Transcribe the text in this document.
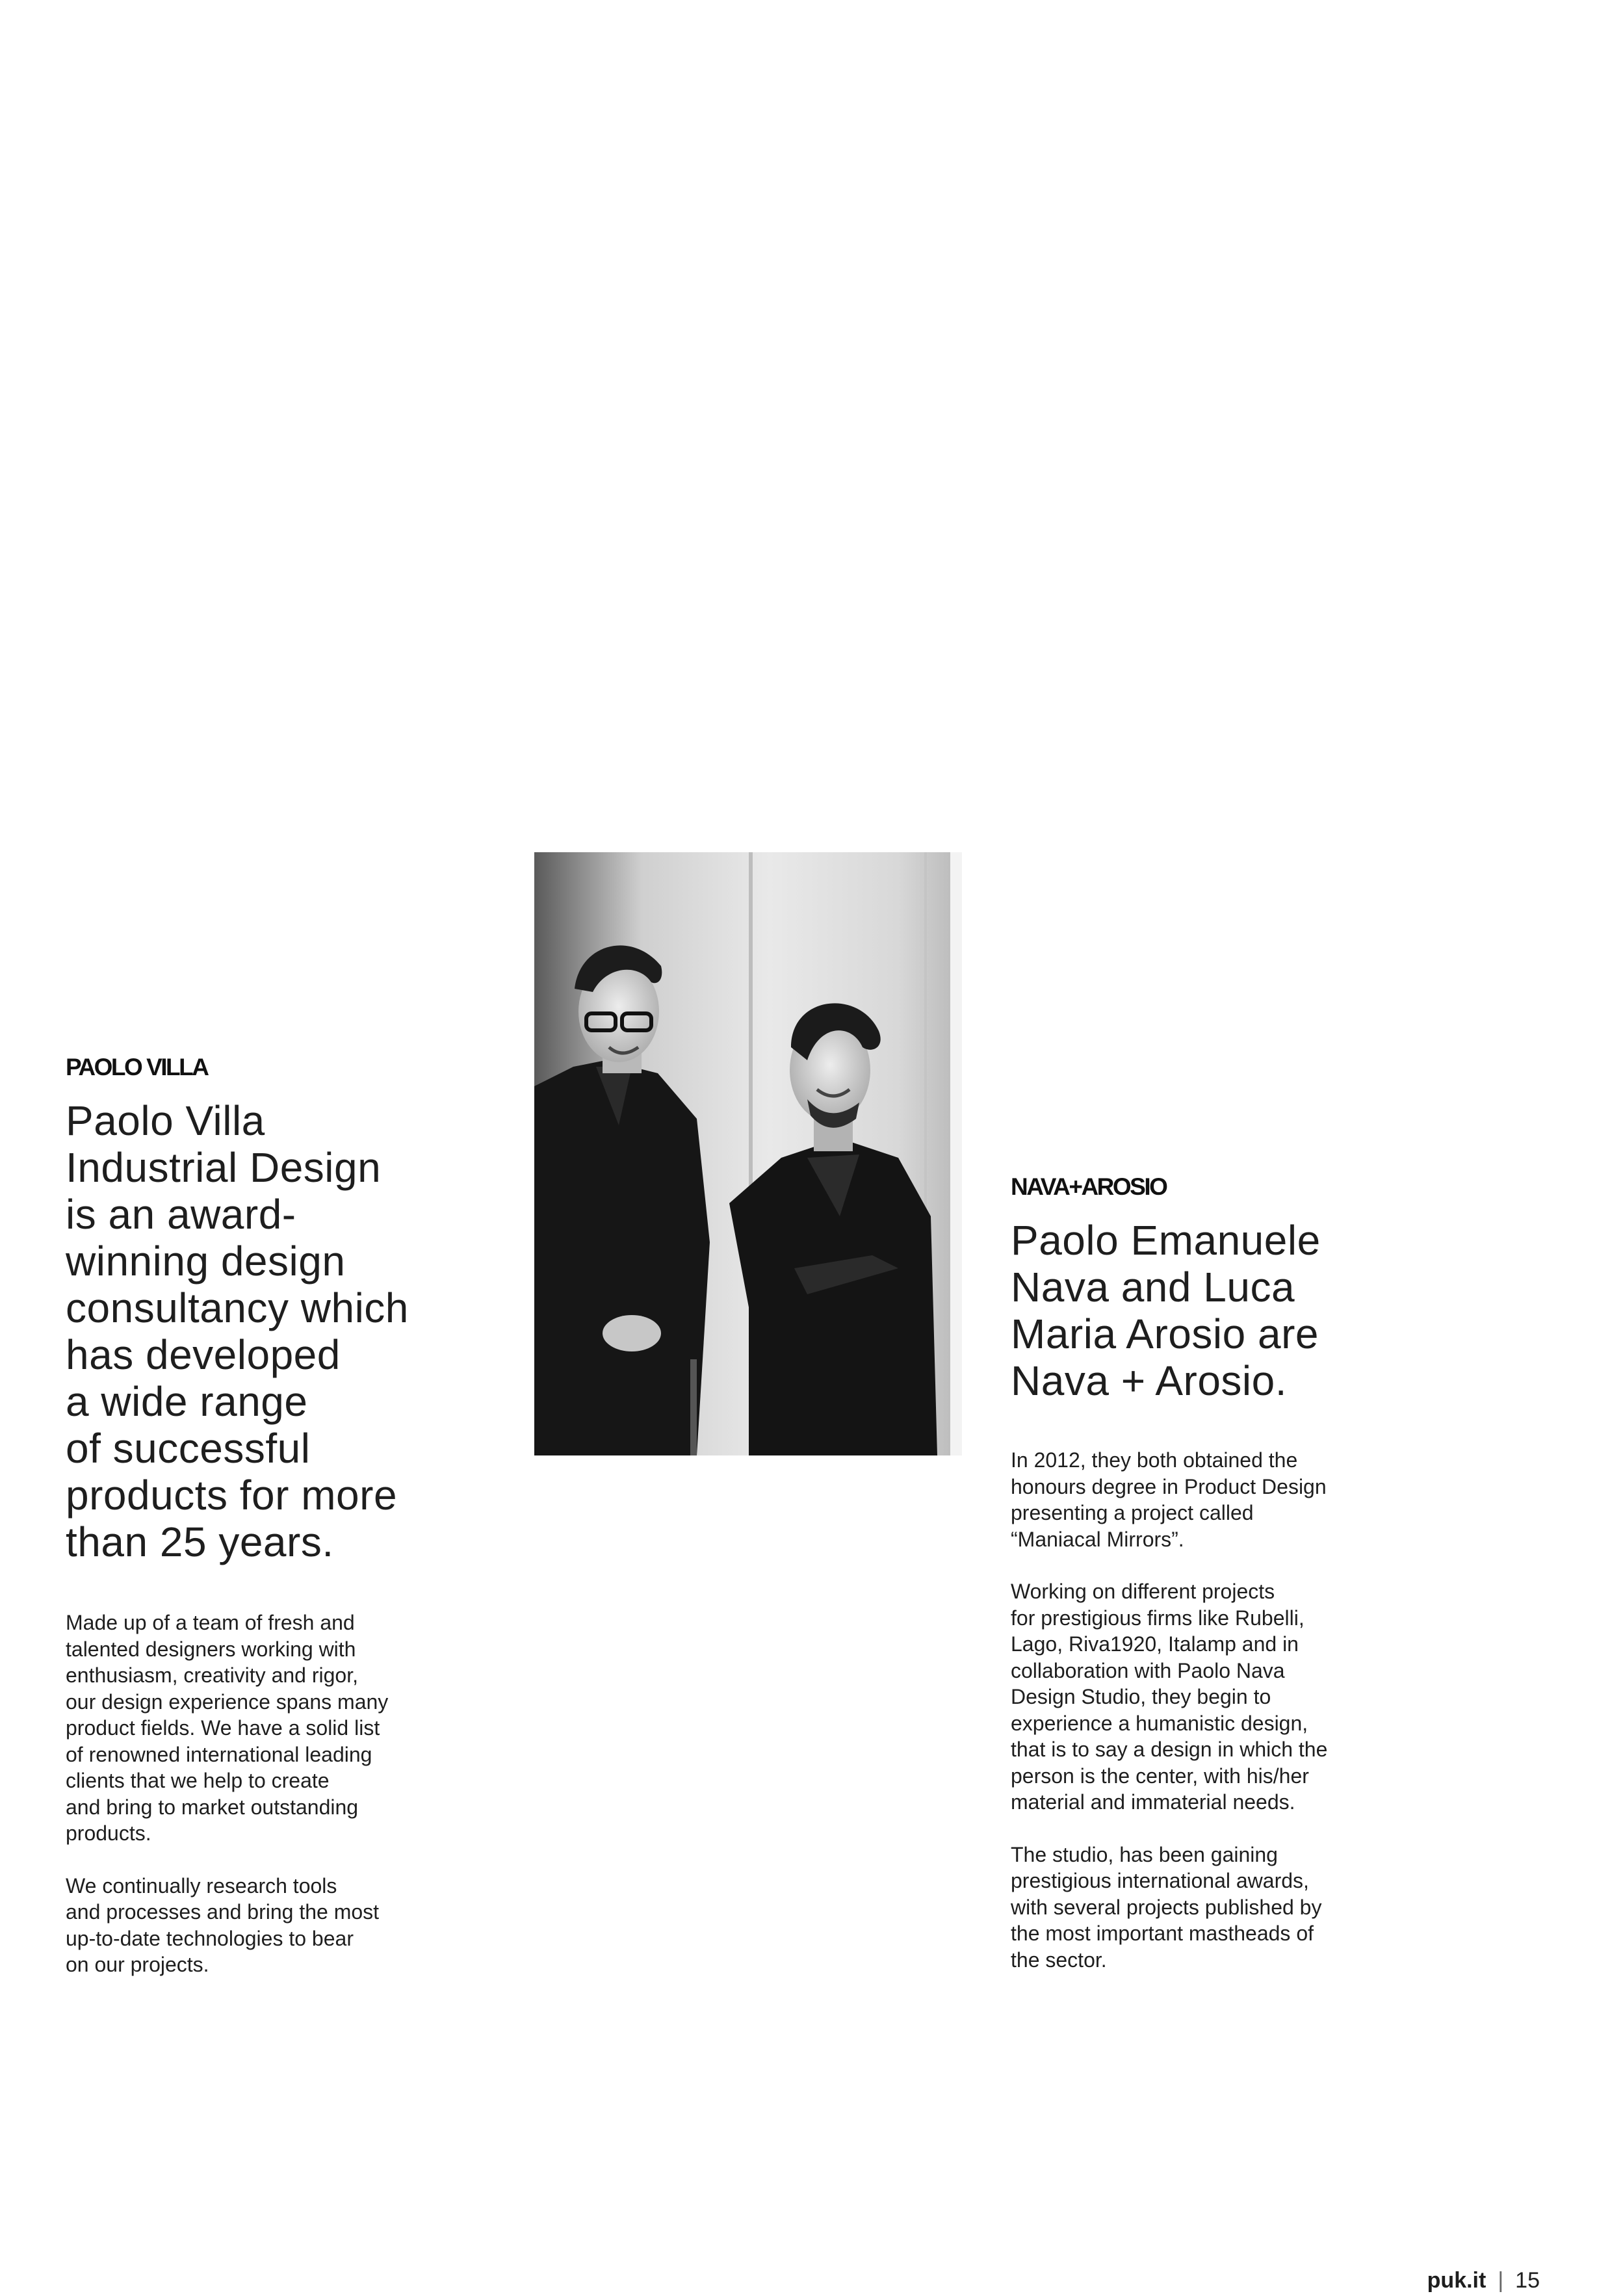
PAOLO VILLA

Paolo Villa
Industrial Design
is an award-
winning design
consultancy which
has developed
a wide range
of successful
products for more
than 25 years.

Made up of a team of fresh and
talented designers working with
enthusiasm, creativity and rigor,
our design experience spans many
product fields. We have a solid list
of renowned international leading
clients that we help to create
and bring to market outstanding
products.

We continually research tools
and processes and bring the most
up-to-date technologies to bear
on our projects.

NAVA+AROSIO

Paolo Emanuele
Nava and Luca
Maria Arosio are
Nava + Arosio.

In 2012, they both obtained the
honours degree in Product Design
presenting a project called
“Maniacal Mirrors”.

Working on different projects
for prestigious firms like Rubelli,
Lago, Riva1920, Italamp and in
collaboration with Paolo Nava
Design Studio, they begin to
experience a humanistic design,
that is to say a design in which the
person is the center, with his/her
material and immaterial needs.

The studio, has been gaining
prestigious international awards,
with several projects published by
the most important mastheads of
the sector.

puk.it | 15
